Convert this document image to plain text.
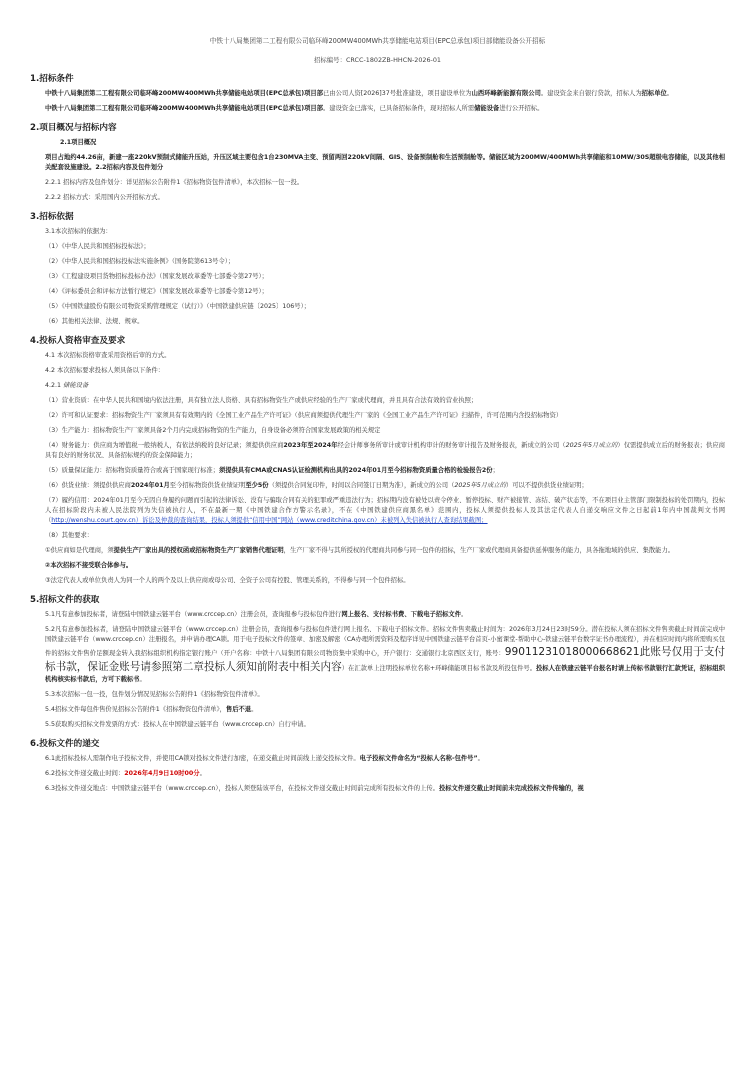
中铁十八局集团第二工程有限公司临环峰200MW400MWh共享储能电站项目(EPC总承包)项目部储能设备公开招标
招标编号：CRCC-1802ZB-HHCN-2026-01
1.招标条件

中铁十八局集团第二工程有限公司临环峰200MW400MWh共享储能电站项目(EPC总承包)项目部已由公司人资[2026]37号批准建设，项目建设单位为山西环峰新能源有限公司。建设资金来自银行贷款，招标人为招标单位。

中铁十八局集团第二工程有限公司临环峰200MW400MWh共享储能电站项目(EPC总承包)项目部。建设资金已落实，已具备招标条件，现对招标人所需储能设备进行公开招标。

2.项目概况与招标内容

2.1项目概况

项目占地约44.26亩，新建一座220kV预制式储能升压站，升压区域主要包含1台230MVA主变、预留两回220kV间隔、GIS、设备预制舱和生活预制舱等。储能区域为200MW/400MWh共享储能和10MW/30S超级电容储能，以及其他相关配套设施建设。2.2招标内容及包件划分

2.2.1 招标内容及包件划分：详见招标公告附件1《招标物资包件清单》，本次招标一包一投。

2.2.2 招标方式：采用国内公开招标方式。

3.招标依据

3.1本次招标的依据为：

（1）《中华人民共和国招标投标法》；

（2）《中华人民共和国招标投标法实施条例》（国务院第613号令）；

（3）《工程建设项目货物招标投标办法》（国家发展改革委等七部委令第27号）；

（4）《评标委员会和评标方法暂行规定》（国家发展改革委等七部委令第12号）；

（5）《中国铁建股份有限公司物资采购管理规定（试行）》（中国铁建供应链〔2025〕106号）；

（6）其他相关法律、法规、规章。

4.投标人资格审查及要求

4.1 本次招标资格审查采用资格后审的方式。

4.2 本次招标要求投标人须具备以下条件：

4.2.1 储能设备

（1）营业资质：在中华人民共和国境内依法注册，具有独立法人资格、具有招标物资生产或供应经验的生产厂家或代理商，并且具有合法有效的营业执照；

（2）许可和认证要求：招标物资生产厂家须具有有效期内的《全国工业产品生产许可证》（供应商须提供代理生产厂家的《全国工业产品生产许可证》扫描件，许可范围内含投招标物资）

（3）生产能力：招标物资生产厂家须具备2个月内完成招标物资的生产能力，自身设备必须符合国家发展政策的相关规定

（4）财务能力：供应商为增值税一般纳税人，有依法纳税的良好记录；须提供供应商2023年至2024年经会计师事务所审计或审计机构审计的财务审计报告及财务报表，新成立的公司（2025年5月成立的）仅需提供成立后的财务报表；供应商具有良好的财务状况、具备招标规约的资金保障能力；

（5）质量保证能力：招标物资质量符合或高于国家现行标准；须提供具有CMA或CNAS认证检测机构出具的2024年01月至今招标物资质量合格的检验报告2份；

（6）供货业绩：须提供供应商2024年01月至今招标物资供货业绩证明至少5份（须提供合同复印件，时间以合同签订日期为准），新成立的公司（2025年5月成立的）可以不提供供货业绩证明；

（7）履约信用：2024年01月至今无因自身履约问题而引起的法律诉讼、没有与骗取合同有关的犯罪或严重违法行为；招标期内没有被处以责令停业、暂停投标、财产被接管、冻结、破产状态等，不在项目业主管部门限制投标的处罚期内，投标人在招标阶段内未被人民法院列为失信被执行人，不在最新一期《中国铁建合作方警示名录》，不在《中国铁建供应商黑名单》范围内，投标人须提供投标人及其法定代表人自递交响应文件之日起前1年内中国裁判文书网（http://wenshu.court.gov.cn）诉讼及仲裁的查询结果，投标人须提供“信用中国”网站（www.creditchina.gov.cn）未被列入失信被执行人查询结果截图；

（8）其他要求：

①供应商如是代理商，须提供生产厂家出具的授权函或招标物资生产厂家销售代理证明，生产厂家不得与其所授权的代理商共同参与同一包件的招标，生产厂家或代理商具备提供延伸服务的能力，具各拖地域的供应、集散能力。

②本次招标不接受联合体参与。

③法定代表人或单位负责人为同一个人的两个及以上供应商或母公司、全资子公司有控股、管理关系的，不得参与同一个包件招标。

5.招标文件的获取

5.1凡有意参加投标者，请登陆中国铁建云链平台（www.crccep.cn）注册会员，查询报参与投标包件进行网上报名、支付标书费、下载电子招标文件。

5.2凡有意参加投标者，请登陆中国铁建云链平台（www.crccep.cn）注册会员，查询报参与投标包件进行网上报名、下载电子招标文件。招标文件售卖截止时间为：2026年3月24日23时59分。潜在投标人须在招标文件售卖截止时间前完成中国铁建云链平台（www.crccep.cn）注册报名，并申请办理CA锁。用于电子投标文件的签章、加密及解密（CA办理所需资料及程序详见中国铁建云链平台首页-小蜜课堂-帮助中心-铁建云链平台数字证书办理流程），并在相应时间内将所需购买包件的招标文件售价足额现金转入我招标组织机构指定银行账户（开户名称：中铁十八局集团有限公司物资集中采购中心，开户银行：交通银行北京西区支行，账号：990112310180006686​21此账号仅用于支付标书款，保证金账号请参照第二章投标人须知前附表中相关内容）在汇款单上注明投标单位名称+环峰储能项目标书款及所投包件号。投标人在铁建云链平台报名时请上传标书款银行汇款凭证，招标组织机构核实标书款后，方可下载标书。

5.3本次招标一包一投，包件划分情况见招标公告附件1《招标物资包件清单》。

5.4招标文件每包件售价见招标公告附件1《招标物资包件清单》，售后不退。

5.5获取购买招标文件发票的方式：投标人在中国铁建云链平台（www.crccep.cn）自行申请。

6.投标文件的递交

6.1此招标投标人需制作电子投标文件，并使用CA锁对投标文件进行加密，在递交截止时间前线上递交投标文件。电子投标文件命名为“投标人名称-包件号”。

6.2投标文件递交截止时间：2026年4月9日10时00分。

6.3投标文件递交地点：中国铁建云链平台（www.crccep.cn），投标人须登陆该平台，在投标文件递交截止时间前完成所有投标文件的上传。投标文件递交截止时间前未完成投标文件传输的，视
